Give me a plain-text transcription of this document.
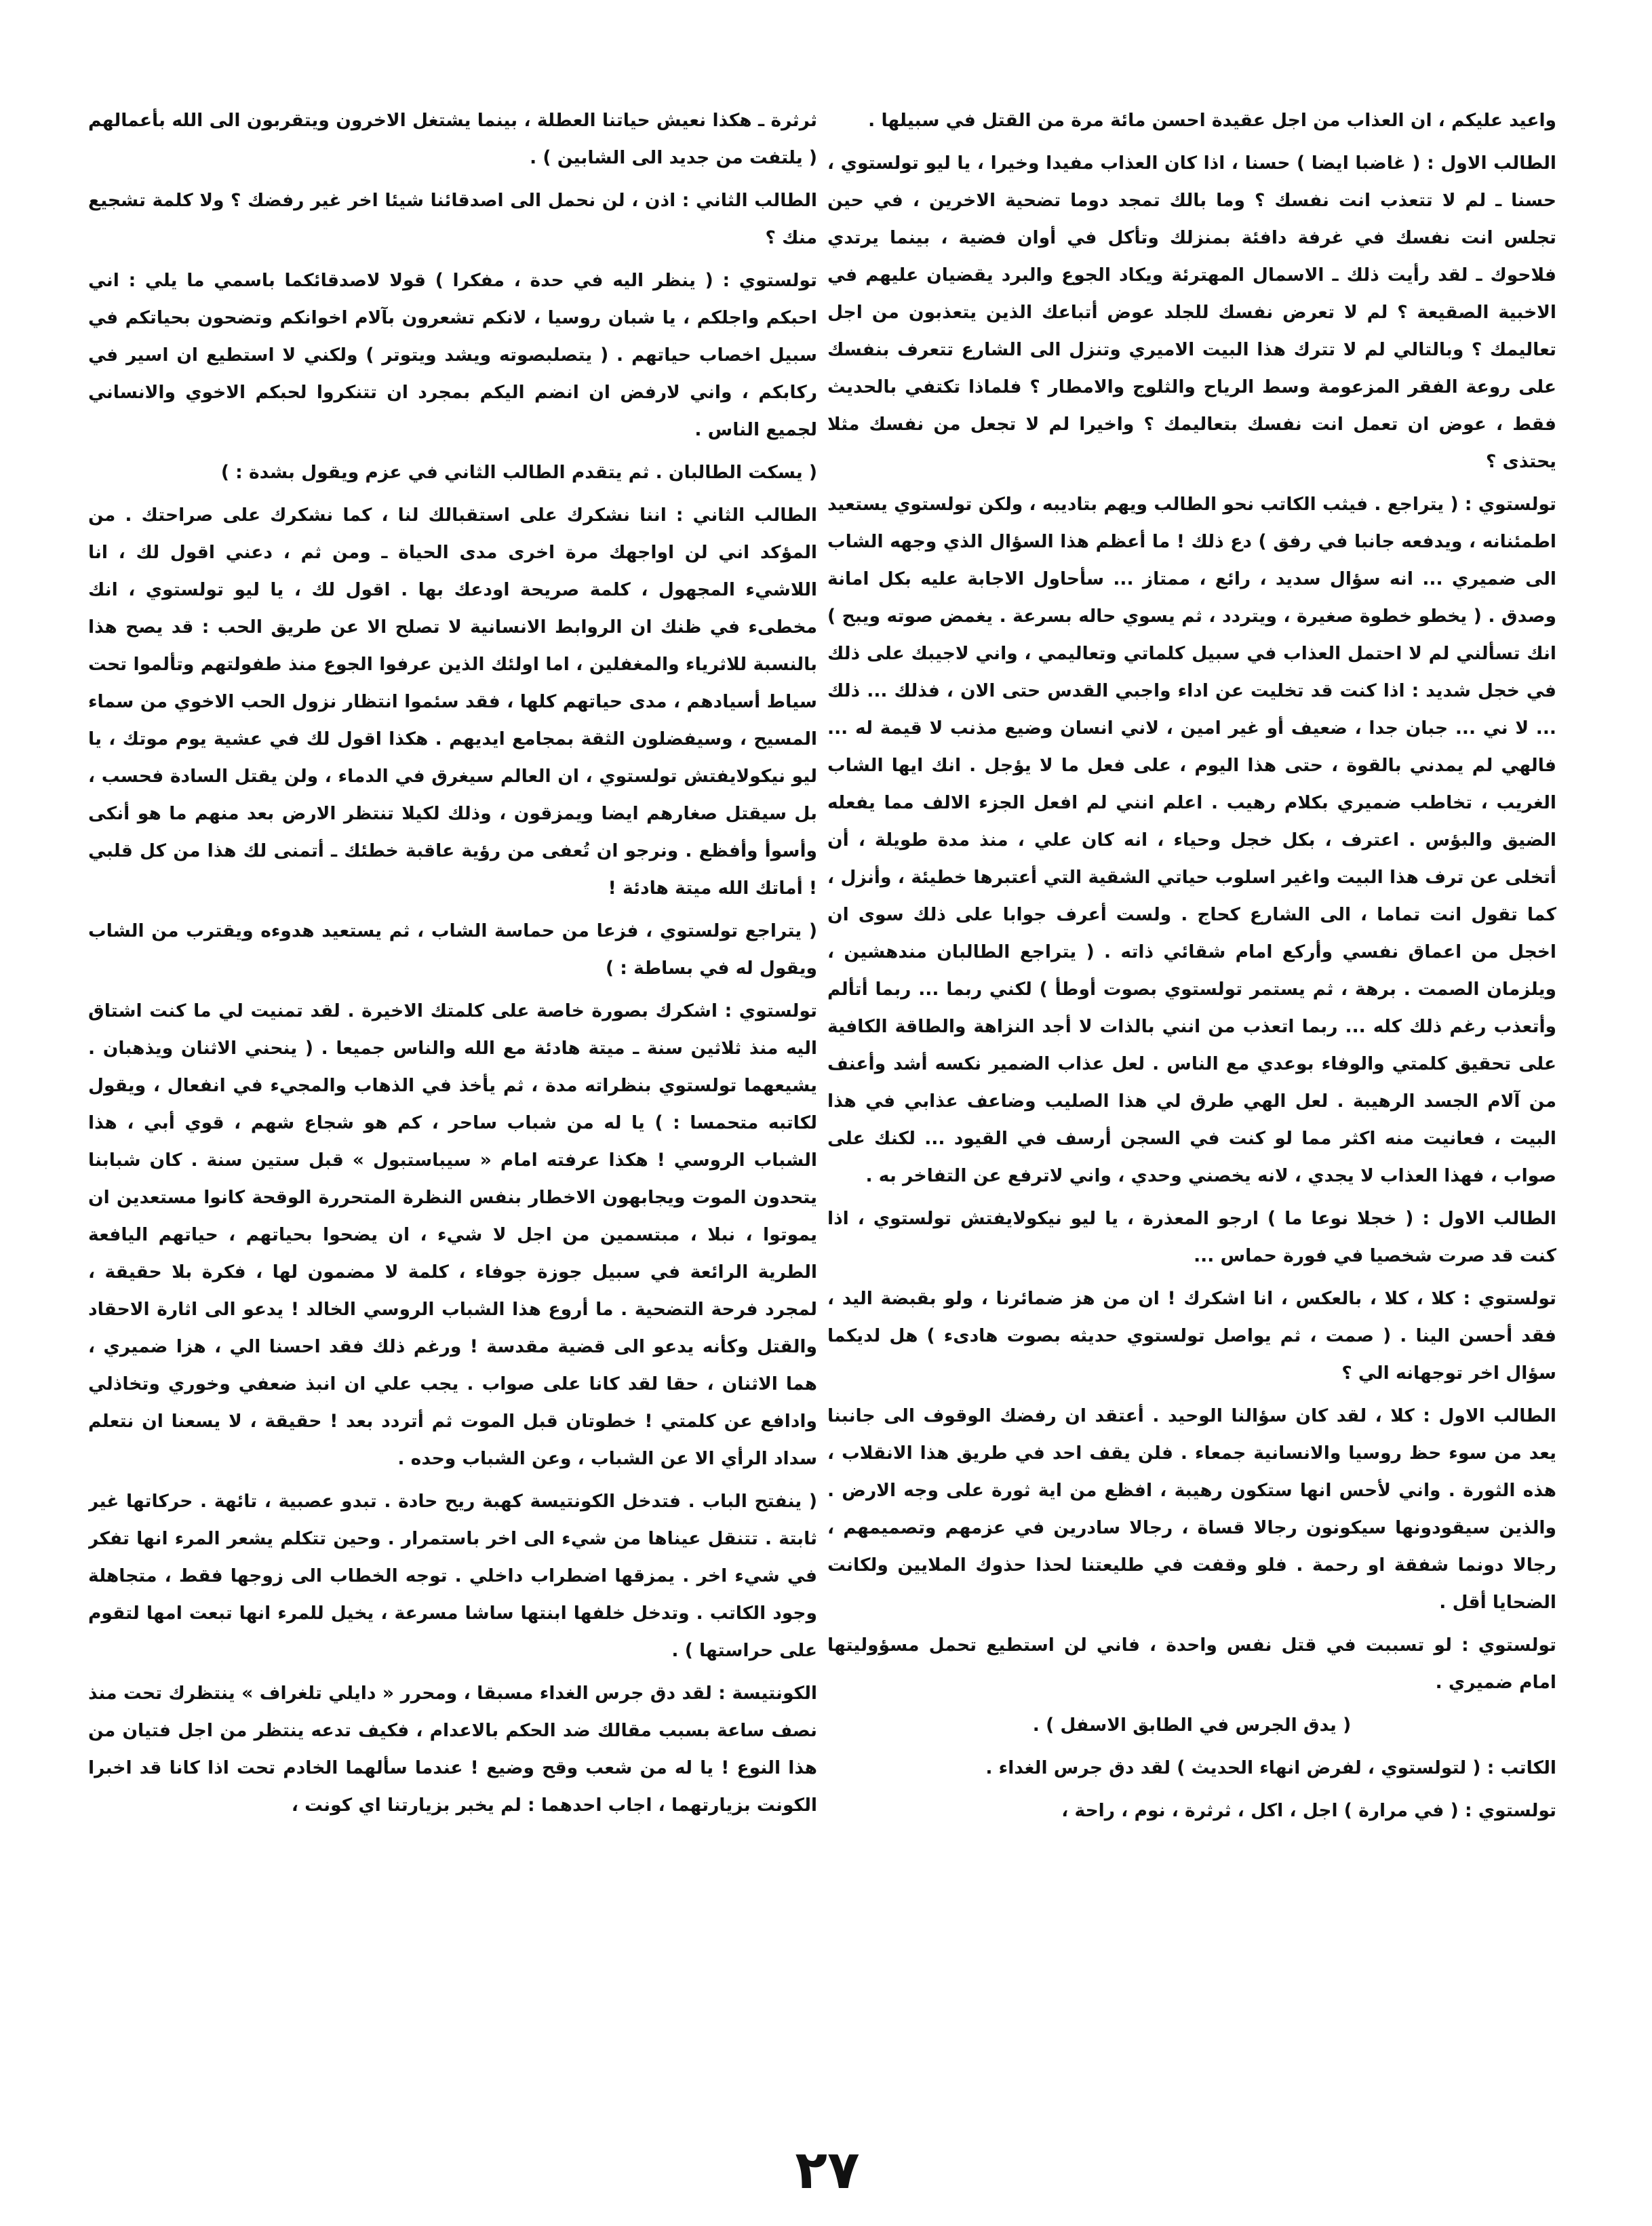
واعيد عليكم ، ان العذاب من اجل عقيدة احسن مائة مرة من القتل في سبيلها .

الطالب الاول : ( غاضبا ايضا ) حسنا ، اذا كان العذاب مفيدا وخيرا ، يا ليو تولستوي ، حسنا ـ لم لا تتعذب انت نفسك ؟ وما بالك تمجد دوما تضحية الاخرين ، في حين تجلس انت نفسك في غرفة دافئة بمنزلك وتأكل في أوان فضية ، بينما يرتدي فلاحوك ـ لقد رأيت ذلك ـ الاسمال المهترئة ويكاد الجوع والبرد يقضيان عليهم في الاخبية الصقيعة ؟ لم لا تعرض نفسك للجلد عوض أتباعك الذين يتعذبون من اجل تعاليمك ؟ وبالتالي لم لا تترك هذا البيت الاميري وتنزل الى الشارع تتعرف بنفسك على روعة الفقر المزعومة وسط الرياح والثلوج والامطار ؟ فلماذا تكتفي بالحديث فقط ، عوض ان تعمل انت نفسك بتعاليمك ؟ واخيرا لم لا تجعل من نفسك مثلا يحتذى ؟

تولستوي : ( يتراجع . فيثب الكاتب نحو الطالب ويهم بتاديبه ، ولكن تولستوي يستعيد اطمئنانه ، ويدفعه جانبا في رفق ) دع ذلك ! ما أعظم هذا السؤال الذي وجهه الشاب الى ضميري ... انه سؤال سديد ، رائع ، ممتاز ... سأحاول الاجابة عليه بكل امانة وصدق . ( يخطو خطوة صغيرة ، ويتردد ، ثم يسوي حاله بسرعة . يغمض صوته ويبح ) انك تسألني لم لا احتمل العذاب في سبيل كلماتي وتعاليمي ، واني لاجيبك على ذلك في خجل شديد : اذا كنت قد تخليت عن اداء واجبي القدس حتى الان ، فذلك ... ذلك ... لا ني ... جبان جدا ، ضعيف أو غير امين ، لاني انسان وضيع مذنب لا قيمة له ... فالهي لم يمدني بالقوة ، حتى هذا اليوم ، على فعل ما لا يؤجل . انك ايها الشاب الغريب ، تخاطب ضميري بكلام رهيب . اعلم انني لم افعل الجزء الالف مما يفعله الضيق والبؤس . اعترف ، بكل خجل وحياء ، انه كان علي ، منذ مدة طويلة ، أن أتخلى عن ترف هذا البيت واغير اسلوب حياتي الشقية التي أعتبرها خطيئة ، وأنزل ، كما تقول انت تماما ، الى الشارع كحاج . ولست أعرف جوابا على ذلك سوى ان اخجل من اعماق نفسي وأركع امام شقائي ذاته . ( يتراجع الطالبان مندهشين ، ويلزمان الصمت . برهة ، ثم يستمر تولستوي بصوت أوطأ ) لكني ربما ... ربما أتألم وأتعذب رغم ذلك كله ... ربما اتعذب من انني بالذات لا أجد النزاهة والطاقة الكافية على تحقيق كلمتي والوفاء بوعدي مع الناس . لعل عذاب الضمير نكسه أشد وأعنف من آلام الجسد الرهيبة . لعل الهي طرق لي هذا الصليب وضاعف عذابي في هذا البيت ، فعانيت منه اكثر مما لو كنت في السجن أرسف في القيود ... لكنك على صواب ، فهذا العذاب لا يجدي ، لانه يخصني وحدي ، واني لاترفع عن التفاخر به .

الطالب الاول : ( خجلا نوعا ما ) ارجو المعذرة ، يا ليو نيكولايفتش تولستوي ، اذا كنت قد صرت شخصيا في فورة حماس ...

تولستوي : كلا ، كلا ، بالعكس ، انا اشكرك ! ان من هز ضمائرنا ، ولو بقبضة اليد ، فقد أحسن الينا . ( صمت ، ثم يواصل تولستوي حديثه بصوت هادىء ) هل لديكما سؤال اخر توجهانه الي ؟

الطالب الاول : كلا ، لقد كان سؤالنا الوحيد . أعتقد ان رفضك الوقوف الى جانبنا يعد من سوء حظ روسيا والانسانية جمعاء . فلن يقف احد في طريق هذا الانقلاب ، هذه الثورة . واني لأحس انها ستكون رهيبة ، افظع من اية ثورة على وجه الارض . والذين سيقودونها سيكونون رجالا قساة ، رجالا سادرين في عزمهم وتصميمهم ، رجالا دونما شفقة او رحمة . فلو وقفت في طليعتنا لحذا حذوك الملايين ولكانت الضحايا أقل .

تولستوي : لو تسببت في قتل نفس واحدة ، فاني لن استطيع تحمل مسؤوليتها امام ضميري .

( يدق الجرس في الطابق الاسفل ) .

الكاتب : ( لتولستوي ، لفرض انهاء الحديث ) لقد دق جرس الغداء .

تولستوي : ( في مرارة ) اجل ، اكل ، ثرثرة ، نوم ، راحة ،

ثرثرة ـ هكذا نعيش حياتنا العطلة ، بينما يشتغل الاخرون ويتقربون الى الله بأعمالهم ( يلتفت من جديد الى الشابين ) .

الطالب الثاني : اذن ، لن نحمل الى اصدقائنا شيئا اخر غير رفضك ؟ ولا كلمة تشجيع منك ؟

تولستوي : ( ينظر اليه في حدة ، مفكرا ) قولا لاصدقائكما باسمي ما يلي : اني احبكم واجلكم ، يا شبان روسيا ، لانكم تشعرون بآلام اخوانكم وتضحون بحياتكم في سبيل اخصاب حياتهم . ( يتصلبصوته ويشد ويتوتر ) ولكني لا استطيع ان اسير في ركابكم ، واني لارفض ان انضم اليكم بمجرد ان تتنكروا لحبكم الاخوي والانساني لجميع الناس .

( يسكت الطالبان . ثم يتقدم الطالب الثاني في عزم ويقول بشدة : )

الطالب الثاني : اننا نشكرك على استقبالك لنا ، كما نشكرك على صراحتك . من المؤكد اني لن اواجهك مرة اخرى مدى الحياة ـ ومن ثم ، دعني اقول لك ، انا اللاشيء المجهول ، كلمة صريحة اودعك بها . اقول لك ، يا ليو تولستوي ، انك مخطىء في ظنك ان الروابط الانسانية لا تصلح الا عن طريق الحب : قد يصح هذا بالنسبة للاثرياء والمغفلين ، اما اولئك الذين عرفوا الجوع منذ طفولتهم وتألموا تحت سياط أسيادهم ، مدى حياتهم كلها ، فقد سئموا انتظار نزول الحب الاخوي من سماء المسيح ، وسيفضلون الثقة بمجامع ايديهم . هكذا اقول لك في عشية يوم موتك ، يا ليو نيكولايفتش تولستوي ، ان العالم سيغرق في الدماء ، ولن يقتل السادة فحسب ، بل سيقتل صغارهم ايضا ويمزقون ، وذلك لكيلا تنتظر الارض بعد منهم ما هو أنكى وأسوأ وأفظع . ونرجو ان تُعفى من رؤية عاقبة خطئك ـ أتمنى لك هذا من كل قلبي ! أماتك الله ميتة هادئة !

( يتراجع تولستوي ، فزعا من حماسة الشاب ، ثم يستعيد هدوءه ويقترب من الشاب ويقول له في بساطة : )

تولستوي : اشكرك بصورة خاصة على كلمتك الاخيرة . لقد تمنيت لي ما كنت اشتاق اليه منذ ثلاثين سنة ـ ميتة هادئة مع الله والناس جميعا . ( ينحني الاثنان ويذهبان . يشيعهما تولستوي بنظراته مدة ، ثم يأخذ في الذهاب والمجيء في انفعال ، ويقول لكاتبه متحمسا : ) يا له من شباب ساحر ، كم هو شجاع شهم ، قوي أبي ، هذا الشباب الروسي ! هكذا عرفته امام « سيباستبول » قبل ستين سنة . كان شبابنا يتحدون الموت ويجابهون الاخطار بنفس النظرة المتحررة الوقحة كانوا مستعدين ان يموتوا ، نبلا ، مبتسمين من اجل لا شيء ، ان يضحوا بحياتهم ، حياتهم اليافعة الطرية الرائعة في سبيل جوزة جوفاء ، كلمة لا مضمون لها ، فكرة بلا حقيقة ، لمجرد فرحة التضحية . ما أروع هذا الشباب الروسي الخالد ! يدعو الى اثارة الاحقاد والقتل وكأنه يدعو الى قضية مقدسة ! ورغم ذلك فقد احسنا الي ، هزا ضميري ، هما الاثنان ، حقا لقد كانا على صواب . يجب علي ان انبذ ضعفي وخوري وتخاذلي وادافع عن كلمتي ! خطوتان قبل الموت ثم أتردد بعد ! حقيقة ، لا يسعنا ان نتعلم سداد الرأي الا عن الشباب ، وعن الشباب وحده .

( ينفتح الباب . فتدخل الكونتيسة كهبة ريح حادة . تبدو عصبية ، تائهة . حركاتها غير ثابتة . تتنقل عيناها من شيء الى اخر باستمرار . وحين تتكلم يشعر المرء انها تفكر في شيء اخر . يمزقها اضطراب داخلي . توجه الخطاب الى زوجها فقط ، متجاهلة وجود الكاتب . وتدخل خلفها ابنتها ساشا مسرعة ، يخيل للمرء انها تبعت امها لتقوم على حراستها ) .

الكونتيسة : لقد دق جرس الغداء مسبقا ، ومحرر « دايلي تلغراف » ينتظرك تحت منذ نصف ساعة بسبب مقالك ضد الحكم بالاعدام ، فكيف تدعه ينتظر من اجل فتيان من هذا النوع ! يا له من شعب وقح وضيع ! عندما سألهما الخادم تحت اذا كانا قد اخبرا الكونت بزيارتهما ، اجاب احدهما : لم يخبر بزيارتنا اي كونت ،

٢٧
